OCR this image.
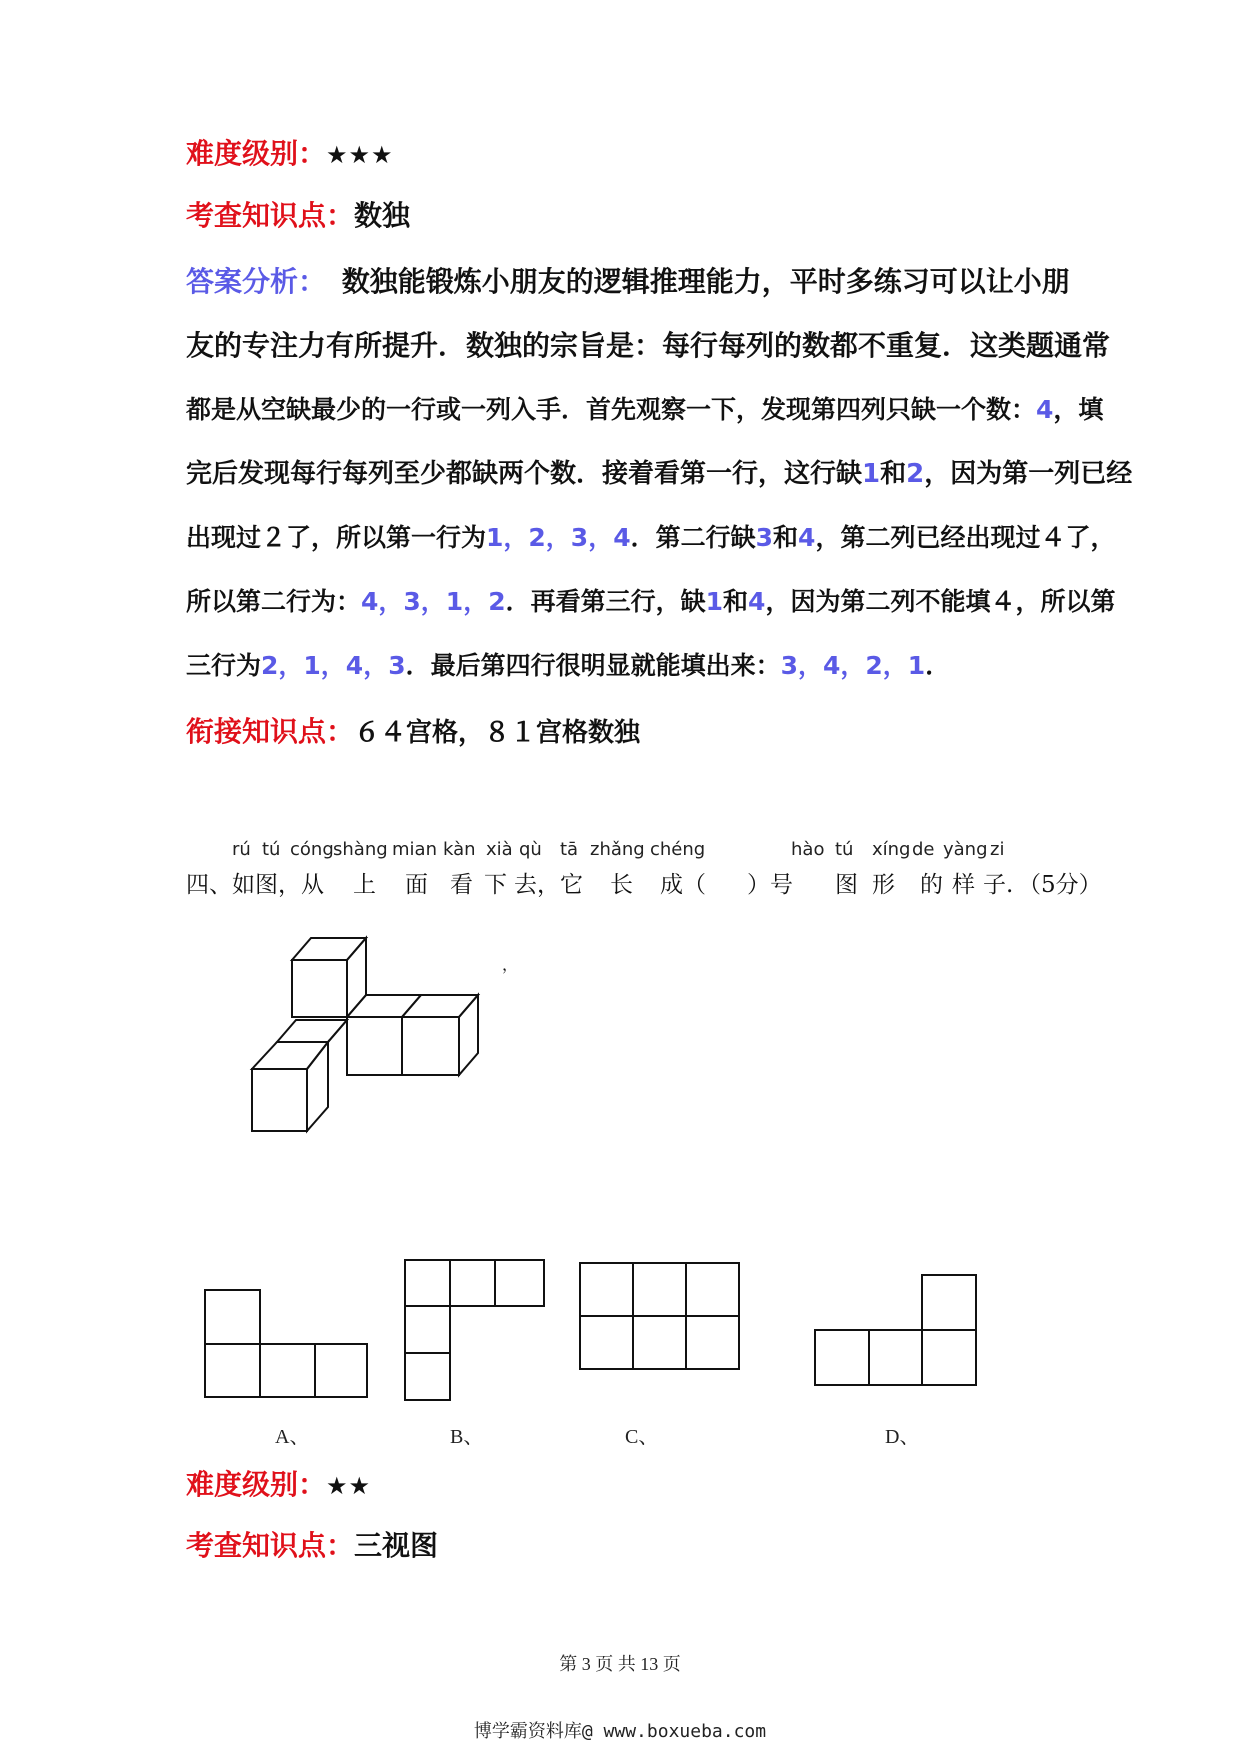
难度级别：★★★
考查知识点：数独
答案分析： 数独能锻炼小朋友的逻辑推理能力，平时多练习可以让小朋
友的专注力有所提升．数独的宗旨是：每行每列的数都不重复．这类题通常
都是从空缺最少的一行或一列入手．首先观察一下，发现第四列只缺一个数：4，填
完后发现每行每列至少都缺两个数．接着看第一行，这行缺1和2，因为第一列已经
出现过２了，所以第一行为1，2，3，4．第二行缺3和4，第二列已经出现过４了，
所以第二行为：4，3，1，2．再看第三行，缺1和4，因为第二列不能填４，所以第
三行为2，1，4，3．最后第四行很明显就能填出来：3，4，2，1．
衔接知识点：６４宫格，８１宫格数独
rú tú cóng shàng mian kàn xià qù tā zhǎng chéng	hào tú xíng de yàng zi
四、 如图，从 上 面 看 下 去， 它 长 成（ ）号 图 形 的 样 子. （5分）
，
A、	B、	C、	D、
难度级别：★★
考查知识点：三视图
第 3 页 共 13 页
博学霸资料库@ www.boxueba.com
